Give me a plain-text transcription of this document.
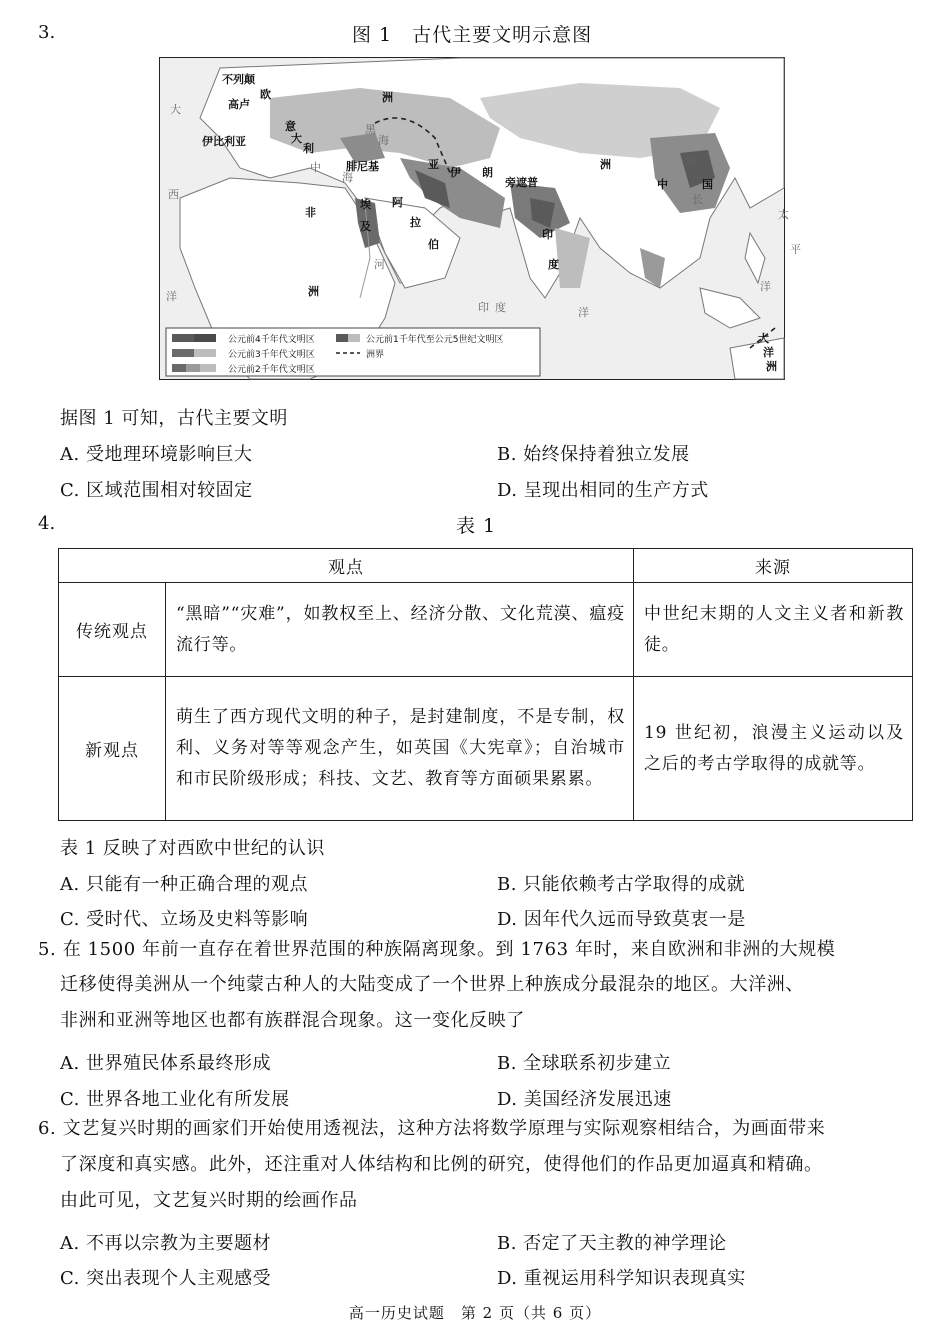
3.	图 1　古代主要文明示意图
不列颠
欧
高卢
伊比利亚
意
大
利
洲
中
海
黑
海
腓尼基	亚
伊 朗
旁遮普
洲
中	国
河
长
埃
及
阿
拉
伯
印
度
非
洲
大
西
洋
太
平
洋
印 度	洋
大
洋
洲
河
公元前4千年代文明区
公元前3千年代文明区
公元前2千年代文明区
公元前1千年代至公元5世纪文明区
洲界
据图 1 可知，古代主要文明
A. 受地理环境影响巨大	B. 始终保持着独立发展
C. 区域范围相对较固定	D. 呈现出相同的生产方式
4.	表 1
观点		来源
传统观点	“黑暗”“灾难”，如教权至上、经济分散、文化荒漠、瘟疫流行等。	中世纪末期的人文主义者和新教徒。
新观点	萌生了西方现代文明的种子，是封建制度，不是专制，权利、义务对等等观念产生，如英国《大宪章》；自治城市和市民阶级形成；科技、文艺、教育等方面硕果累累。	19 世纪初，浪漫主义运动以及之后的考古学取得的成就等。
表 1 反映了对西欧中世纪的认识
A. 只能有一种正确合理的观点	B. 只能依赖考古学取得的成就
C. 受时代、立场及史料等影响	D. 因年代久远而导致莫衷一是
5. 在 1500 年前一直存在着世界范围的种族隔离现象。到 1763 年时，来自欧洲和非洲的大规模
迁移使得美洲从一个纯蒙古种人的大陆变成了一个世界上种族成分最混杂的地区。大洋洲、
非洲和亚洲等地区也都有族群混合现象。这一变化反映了
A. 世界殖民体系最终形成	B. 全球联系初步建立
C. 世界各地工业化有所发展	D. 美国经济发展迅速
6. 文艺复兴时期的画家们开始使用透视法，这种方法将数学原理与实际观察相结合，为画面带来
了深度和真实感。此外，还注重对人体结构和比例的研究，使得他们的作品更加逼真和精确。
由此可见，文艺复兴时期的绘画作品
A. 不再以宗教为主要题材	B. 否定了天主教的神学理论
C. 突出表现个人主观感受	D. 重视运用科学知识表现真实
高一历史试题　第 2 页（共 6 页）
